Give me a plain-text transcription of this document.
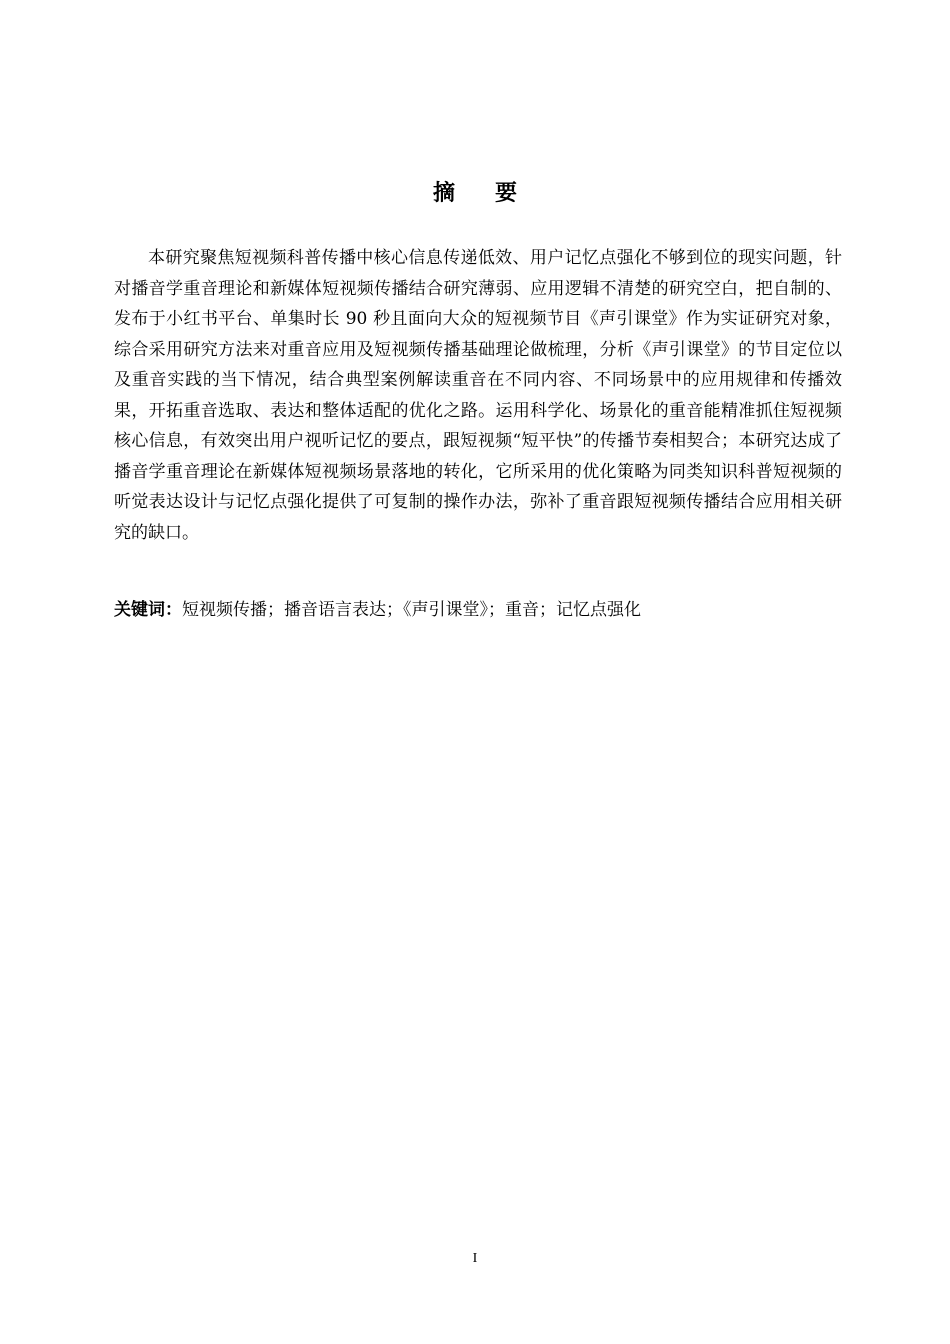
摘要

本研究聚焦短视频科普传播中核心信息传递低效、用户记忆点强化不够到位的现实问题，针对播音学重音理论和新媒体短视频传播结合研究薄弱、应用逻辑不清楚的研究空白，把自制的、发布于小红书平台、单集时长 90 秒且面向大众的短视频节目《声引课堂》作为实证研究对象，综合采用研究方法来对重音应用及短视频传播基础理论做梳理，分析《声引课堂》的节目定位以及重音实践的当下情况，结合典型案例解读重音在不同内容、不同场景中的应用规律和传播效果，开拓重音选取、表达和整体适配的优化之路。运用科学化、场景化的重音能精准抓住短视频核心信息，有效突出用户视听记忆的要点，跟短视频“短平快”的传播节奏相契合；本研究达成了播音学重音理论在新媒体短视频场景落地的转化，它所采用的优化策略为同类知识科普短视频的听觉表达设计与记忆点强化提供了可复制的操作办法，弥补了重音跟短视频传播结合应用相关研究的缺口。

关键词：短视频传播；播音语言表达；《声引课堂》；重音；记忆点强化
I
